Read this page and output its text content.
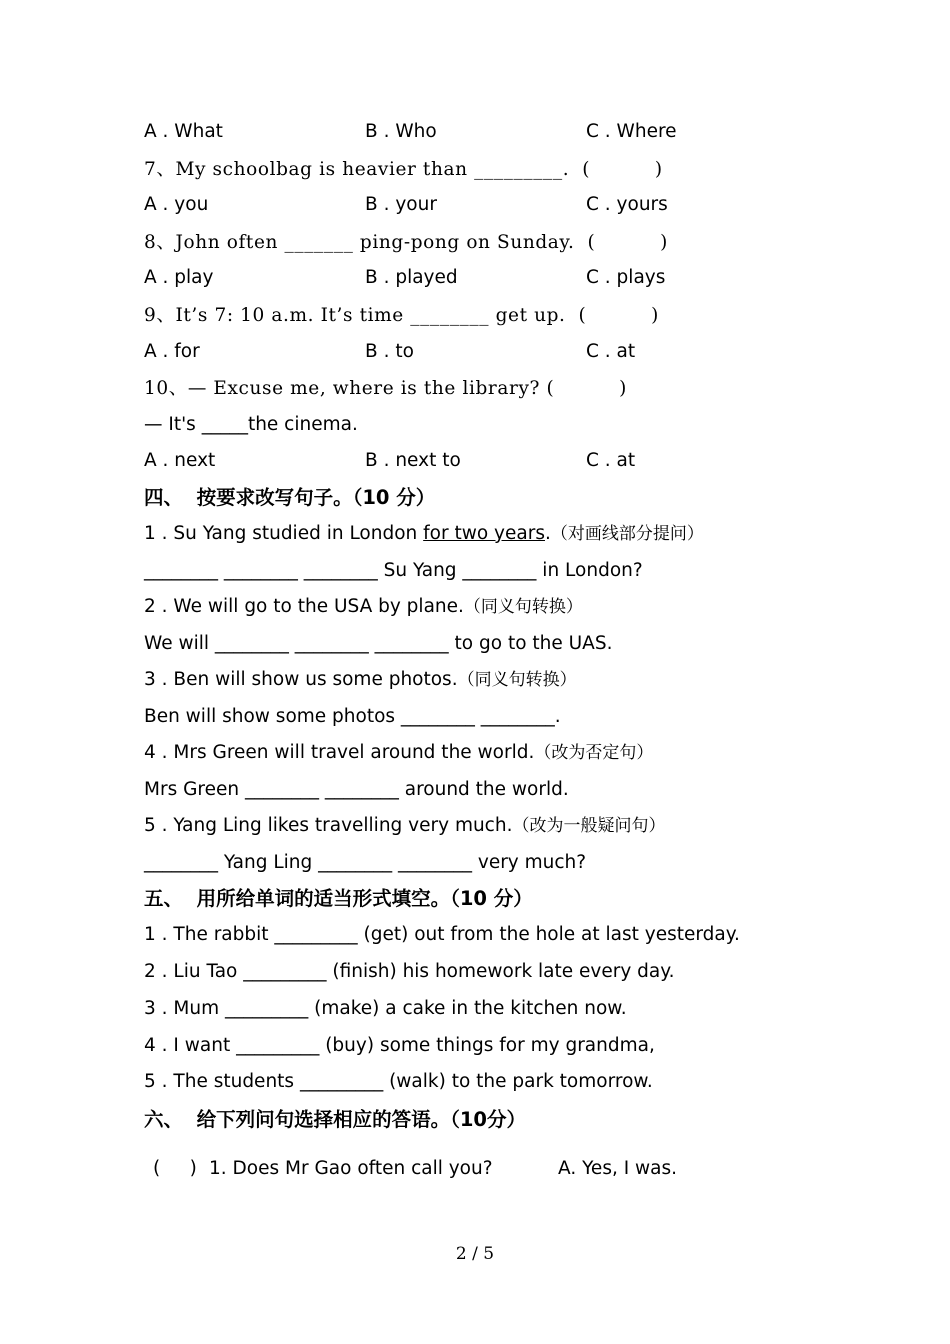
A . What	B . Who	C . Where
7、My schoolbag is heavier than _________.  (          )
A . you	B . your	C . yours
8、John often _______ ping-pong on Sunday.  (          )
A . play	B . played	C . plays
9、It’s 7: 10 a.m. It’s time ________ get up.  (          )
A . for	B . to	C . at
10、— Excuse me, where is the library? (          )
— It's _____the cinema.
A . next	B . next to	C . at
四、  按要求改写句子。（10 分）
1 . Su Yang studied in London for two years.（对画线部分提问）
________ ________ ________ Su Yang ________ in London?
2 . We will go to the USA by plane.（同义句转换）
We will ________ ________ ________ to go to the UAS.
3 . Ben will show us some photos.（同义句转换）
Ben will show some photos ________ ________.
4 . Mrs Green will travel around the world.（改为否定句）
Mrs Green ________ ________ around the world.
5 . Yang Ling likes travelling very much.（改为一般疑问句）
________ Yang Ling ________ ________ very much?
五、  用所给单词的适当形式填空。（10 分）
1 . The rabbit _________ (get) out from the hole at last yesterday.
2 . Liu Tao _________ (finish) his homework late every day.
3 . Mum _________ (make) a cake in the kitchen now.
4 . I want _________ (buy) some things for my grandma,
5 . The students _________ (walk) to the park tomorrow.
六、  给下列问句选择相应的答语。（10分）
(     ) 1. Does Mr Gao often call you?	A. Yes, I was.
2 / 5
